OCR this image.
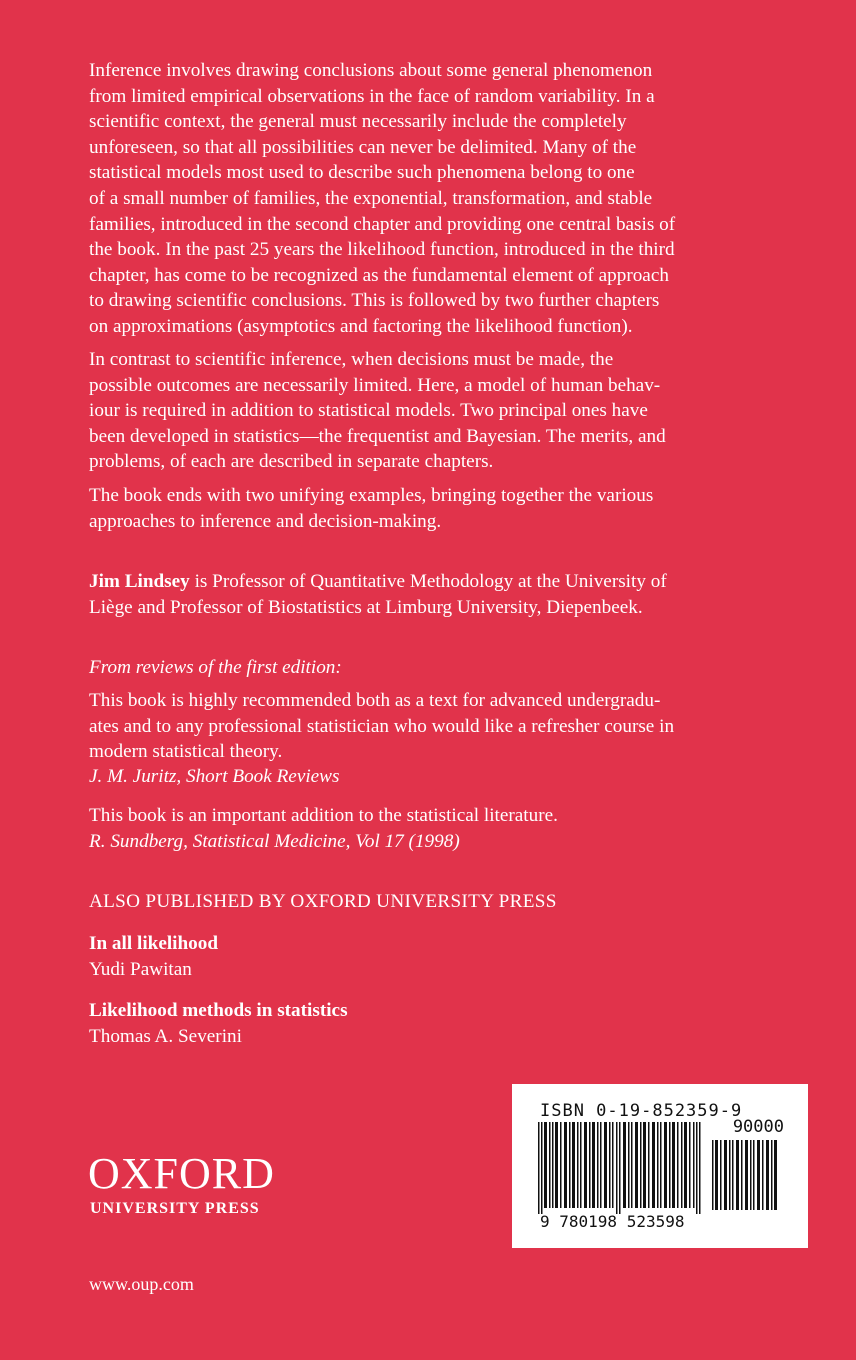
Inference involves drawing conclusions about some general phenomenon
from limited empirical observations in the face of random variability. In a
scientific context, the general must necessarily include the completely
unforeseen, so that all possibilities can never be delimited. Many of the
statistical models most used to describe such phenomena belong to one
of a small number of families, the exponential, transformation, and stable
families, introduced in the second chapter and providing one central basis of
the book. In the past 25 years the likelihood function, introduced in the third
chapter, has come to be recognized as the fundamental element of approach
to drawing scientific conclusions. This is followed by two further chapters
on approximations (asymptotics and factoring the likelihood function).
In contrast to scientific inference, when decisions must be made, the
possible outcomes are necessarily limited. Here, a model of human behav-
iour is required in addition to statistical models. Two principal ones have
been developed in statistics—the frequentist and Bayesian. The merits, and
problems, of each are described in separate chapters.
The book ends with two unifying examples, bringing together the various
approaches to inference and decision-making.
Jim Lindsey is Professor of Quantitative Methodology at the University of
Liège and Professor of Biostatistics at Limburg University, Diepenbeek.
From reviews of the first edition:
This book is highly recommended both as a text for advanced undergradu-
ates and to any professional statistician who would like a refresher course in
modern statistical theory.
J. M. Juritz, Short Book Reviews
This book is an important addition to the statistical literature.
R. Sundberg, Statistical Medicine, Vol 17 (1998)
ALSO PUBLISHED BY OXFORD UNIVERSITY PRESS
In all likelihood
Yudi Pawitan
Likelihood methods in statistics
Thomas A. Severini
OXFORD
UNIVERSITY PRESS
www.oup.com
ISBN 0-19-852359-9
90000
9 780198 523598
